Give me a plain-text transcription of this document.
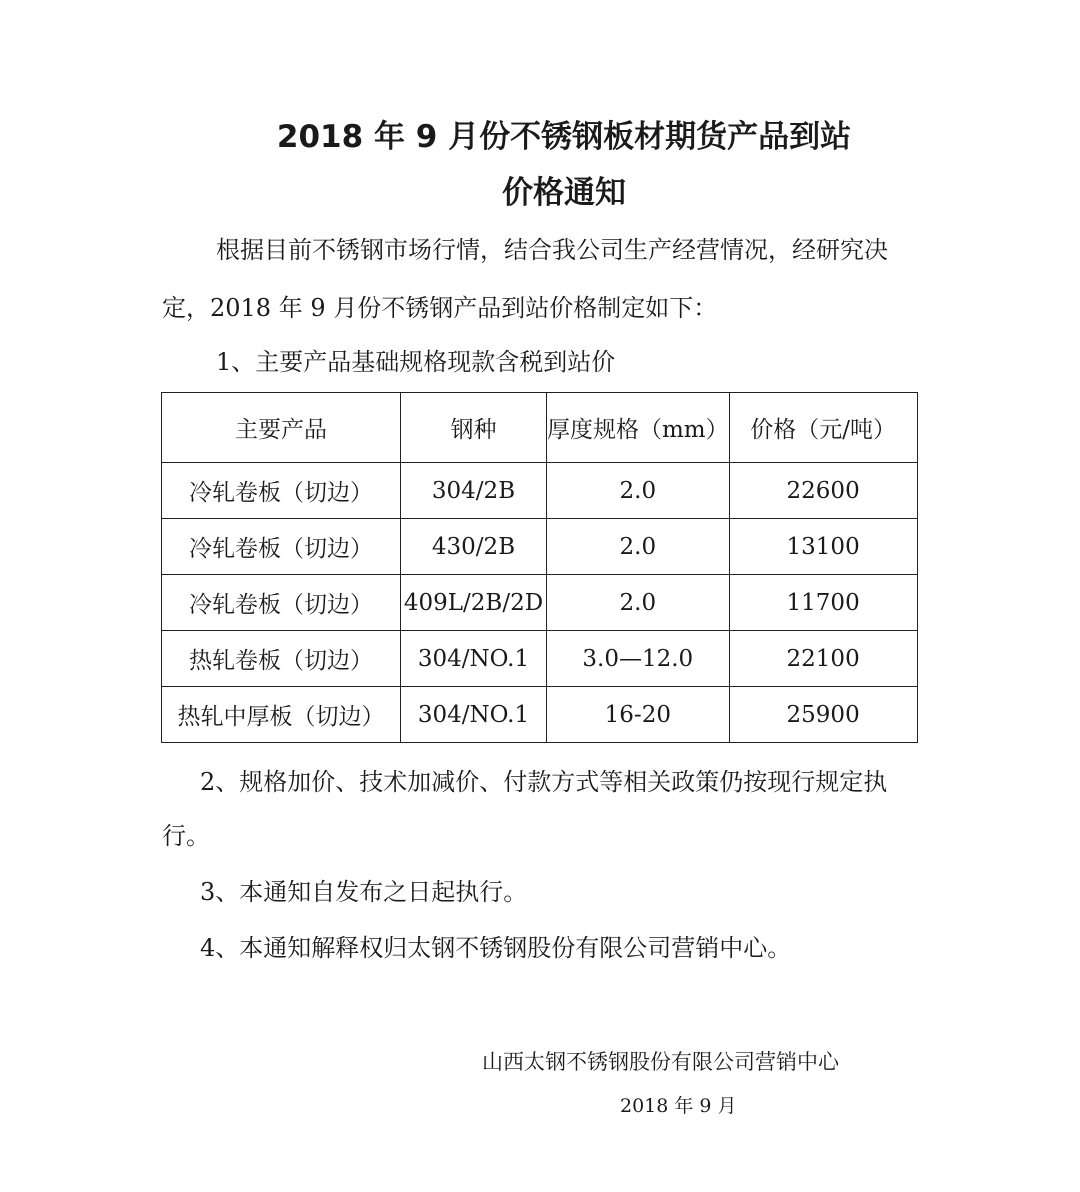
2018 年 9 月份不锈钢板材期货产品到站
价格通知
根据目前不锈钢市场行情，结合我公司生产经营情况，经研究决
定，2018 年 9 月份不锈钢产品到站价格制定如下：
1、主要产品基础规格现款含税到站价
主要产品	钢种	厚度规格（mm）	价格（元/吨）
冷轧卷板（切边）	304/2B	2.0	22600
冷轧卷板（切边）	430/2B	2.0	13100
冷轧卷板（切边）	409L/2B/2D	2.0	11700
热轧卷板（切边）	304/NO.1	3.0—12.0	22100
热轧中厚板（切边）	304/NO.1	16-20	25900
2、规格加价、技术加减价、付款方式等相关政策仍按现行规定执
行。
3、本通知自发布之日起执行。
4、本通知解释权归太钢不锈钢股份有限公司营销中心。
山西太钢不锈钢股份有限公司营销中心
2018 年 9 月
